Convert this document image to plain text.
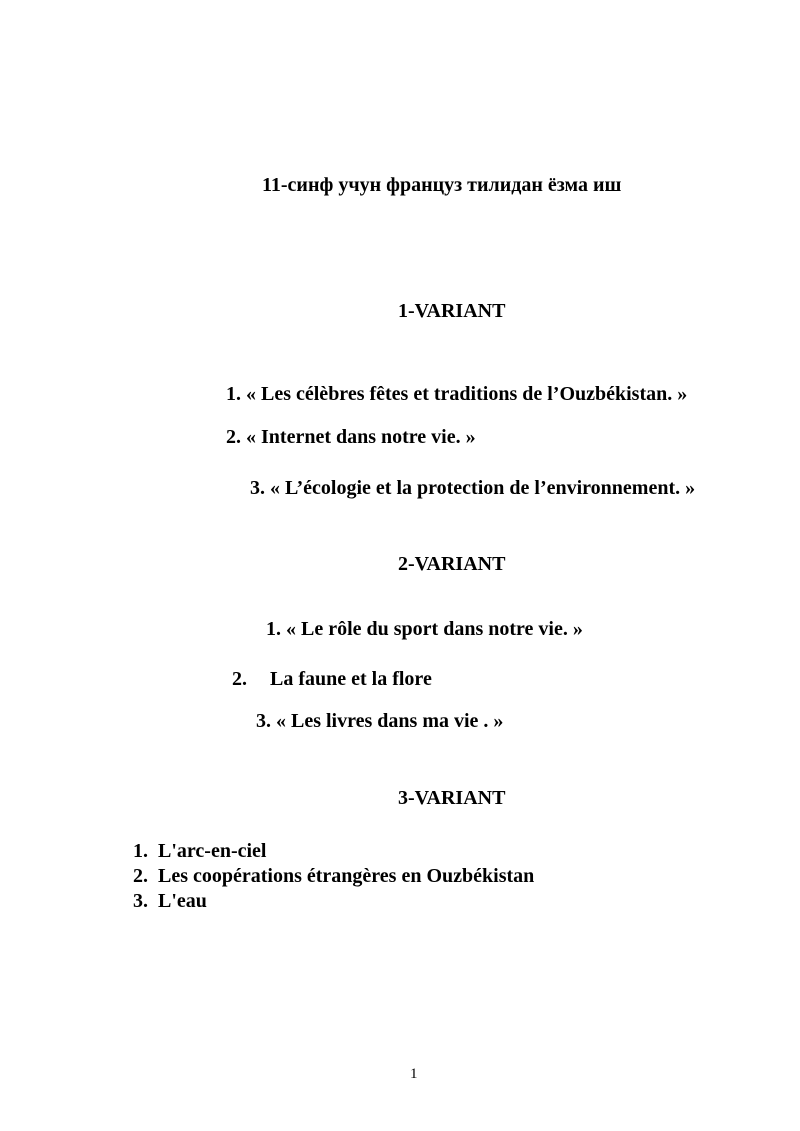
11-синф учун француз тилидан ёзма иш
1-VARIANT
1. « Les célèbres fêtes et traditions de l’Ouzbékistan. »
2. « Internet dans notre vie. »
3. « L’écologie et la protection de l’environnement. »
2-VARIANT
1. « Le rôle du sport dans notre vie. »
2. La faune et la flore
3. « Les livres dans ma vie . »
3-VARIANT
1. L'arc-en-ciel
2. Les coopérations étrangères en Ouzbékistan
3. L'eau
1
